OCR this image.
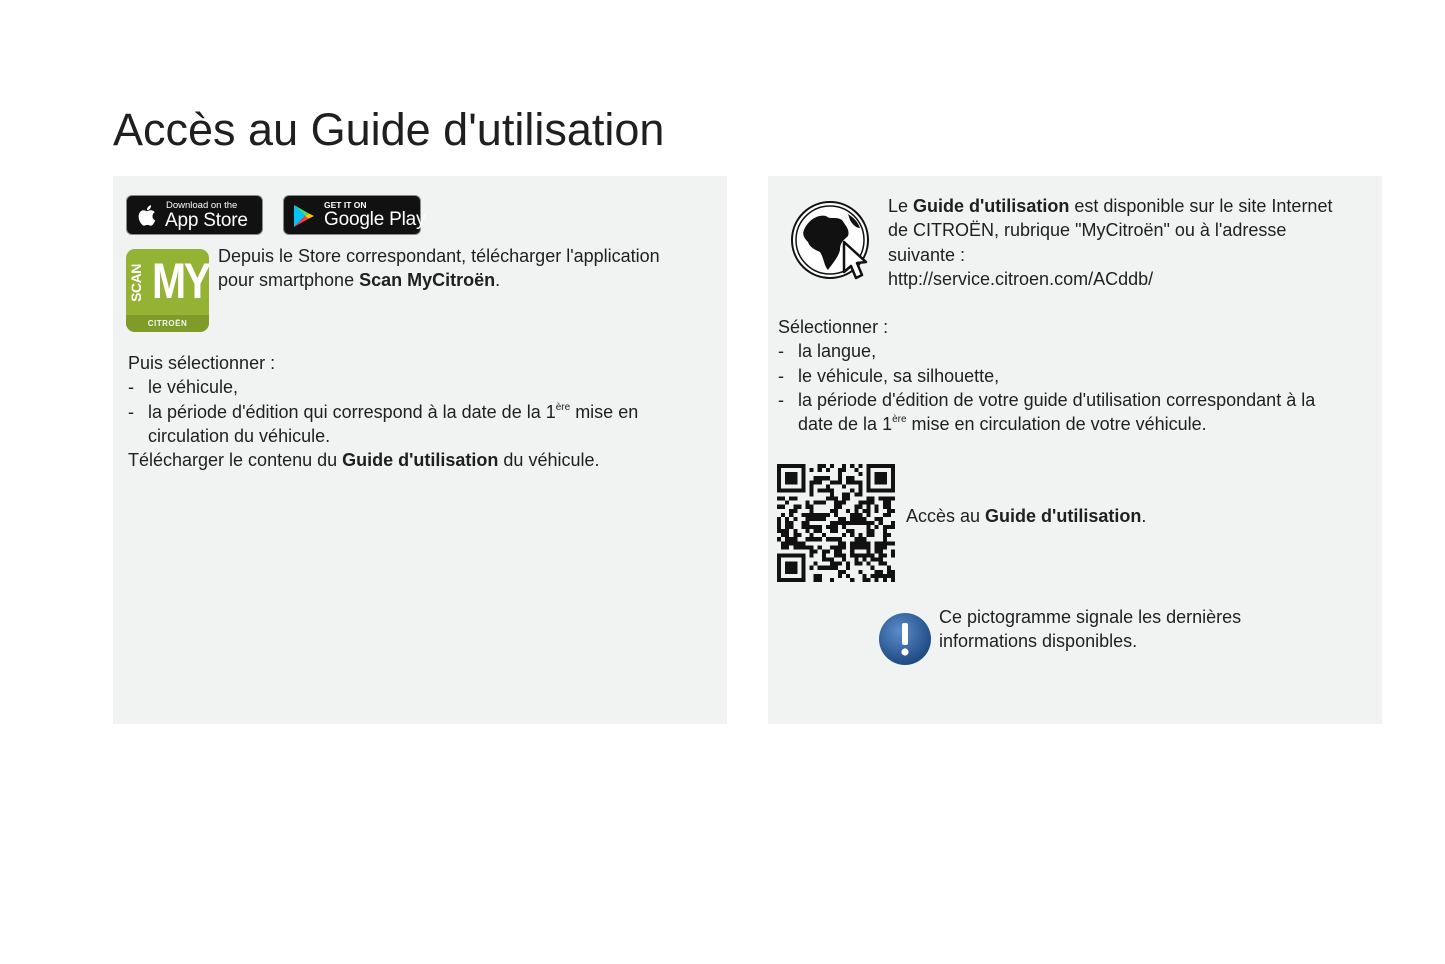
Accès au Guide d'utilisation
Download on the
App Store
GET IT ON
Google Play
SCAN MY
CITROËN
Depuis le Store correspondant, télécharger l'application
pour smartphone Scan MyCitroën.
Puis sélectionner :
- le véhicule,
- la période d'édition qui correspond à la date de la 1ère mise en
circulation du véhicule.
Télécharger le contenu du Guide d'utilisation du véhicule.
Le Guide d'utilisation est disponible sur le site Internet
de CITROËN, rubrique "MyCitroën" ou à l'adresse
suivante :
http://service.citroen.com/ACddb/
Sélectionner :
- la langue,
- le véhicule, sa silhouette,
- la période d'édition de votre guide d'utilisation correspondant à la
date de la 1ère mise en circulation de votre véhicule.
Accès au Guide d'utilisation.
Ce pictogramme signale les dernières
informations disponibles.
